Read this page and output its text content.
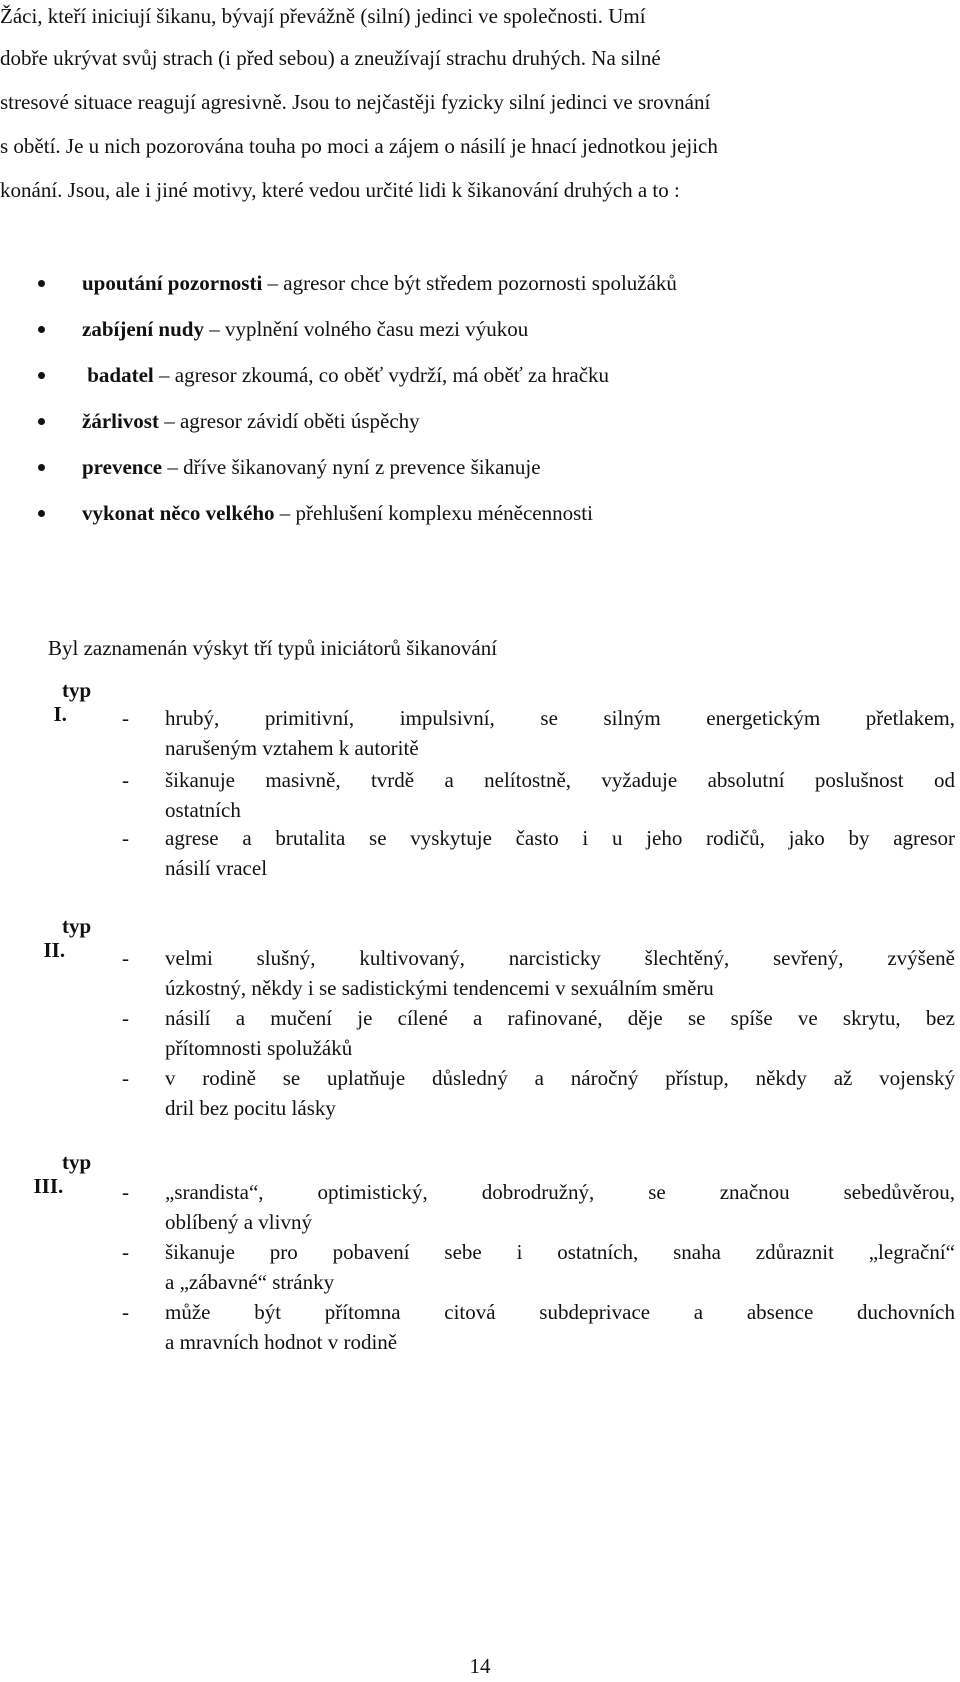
Žáci, kteří iniciují šikanu, bývají převážně (silní) jedinci ve společnosti. Umí
dobře ukrývat svůj strach (i před sebou) a zneužívají strachu druhých. Na silné
stresové situace reagují agresivně. Jsou to nejčastěji fyzicky silní jedinci ve srovnání
s obětí. Je u nich pozorována touha po moci a zájem o násilí je hnací jednotkou jejich
konání. Jsou, ale i jiné motivy, které vedou určité lidi k šikanování druhých a to :

upoutání pozornosti – agresor chce být středem pozornosti spolužáků

zabíjení nudy – vyplnění volného času mezi výukou

badatel – agresor zkoumá, co oběť vydrží, má oběť za hračku

žárlivost – agresor závidí oběti úspěchy

prevence – dříve šikanovaný nyní z prevence šikanuje

vykonat něco velkého – přehlušení komplexu méněcennosti

Byl zaznamenán výskyt tří typů iniciátorů šikanování

I.

typ

- hrubý, primitivní, impulsivní, se silným energetickým přetlakem,
narušeným vztahem k autoritě
- šikanuje masivně, tvrdě a nelítostně, vyžaduje absolutní poslušnost od
ostatních
- agrese a brutalita se vyskytuje často i u jeho rodičů, jako by agresor
násilí vracel

II.

typ

- velmi slušný, kultivovaný, narcisticky šlechtěný, sevřený, zvýšeně
úzkostný, někdy i se sadistickými tendencemi v sexuálním směru
- násilí a mučení je cílené a rafinované, děje se spíše ve skrytu, bez
přítomnosti spolužáků
- v rodině se uplatňuje důsledný a náročný přístup, někdy až vojenský
dril bez pocitu lásky

III.

typ

- „srandista“, optimistický, dobrodružný, se značnou sebedůvěrou,
oblíbený a vlivný
- šikanuje pro pobavení sebe i ostatních, snaha zdůraznit „legrační“
a „zábavné“ stránky
- může být přítomna citová subdeprivace a absence duchovních
a mravních hodnot v rodině
14
